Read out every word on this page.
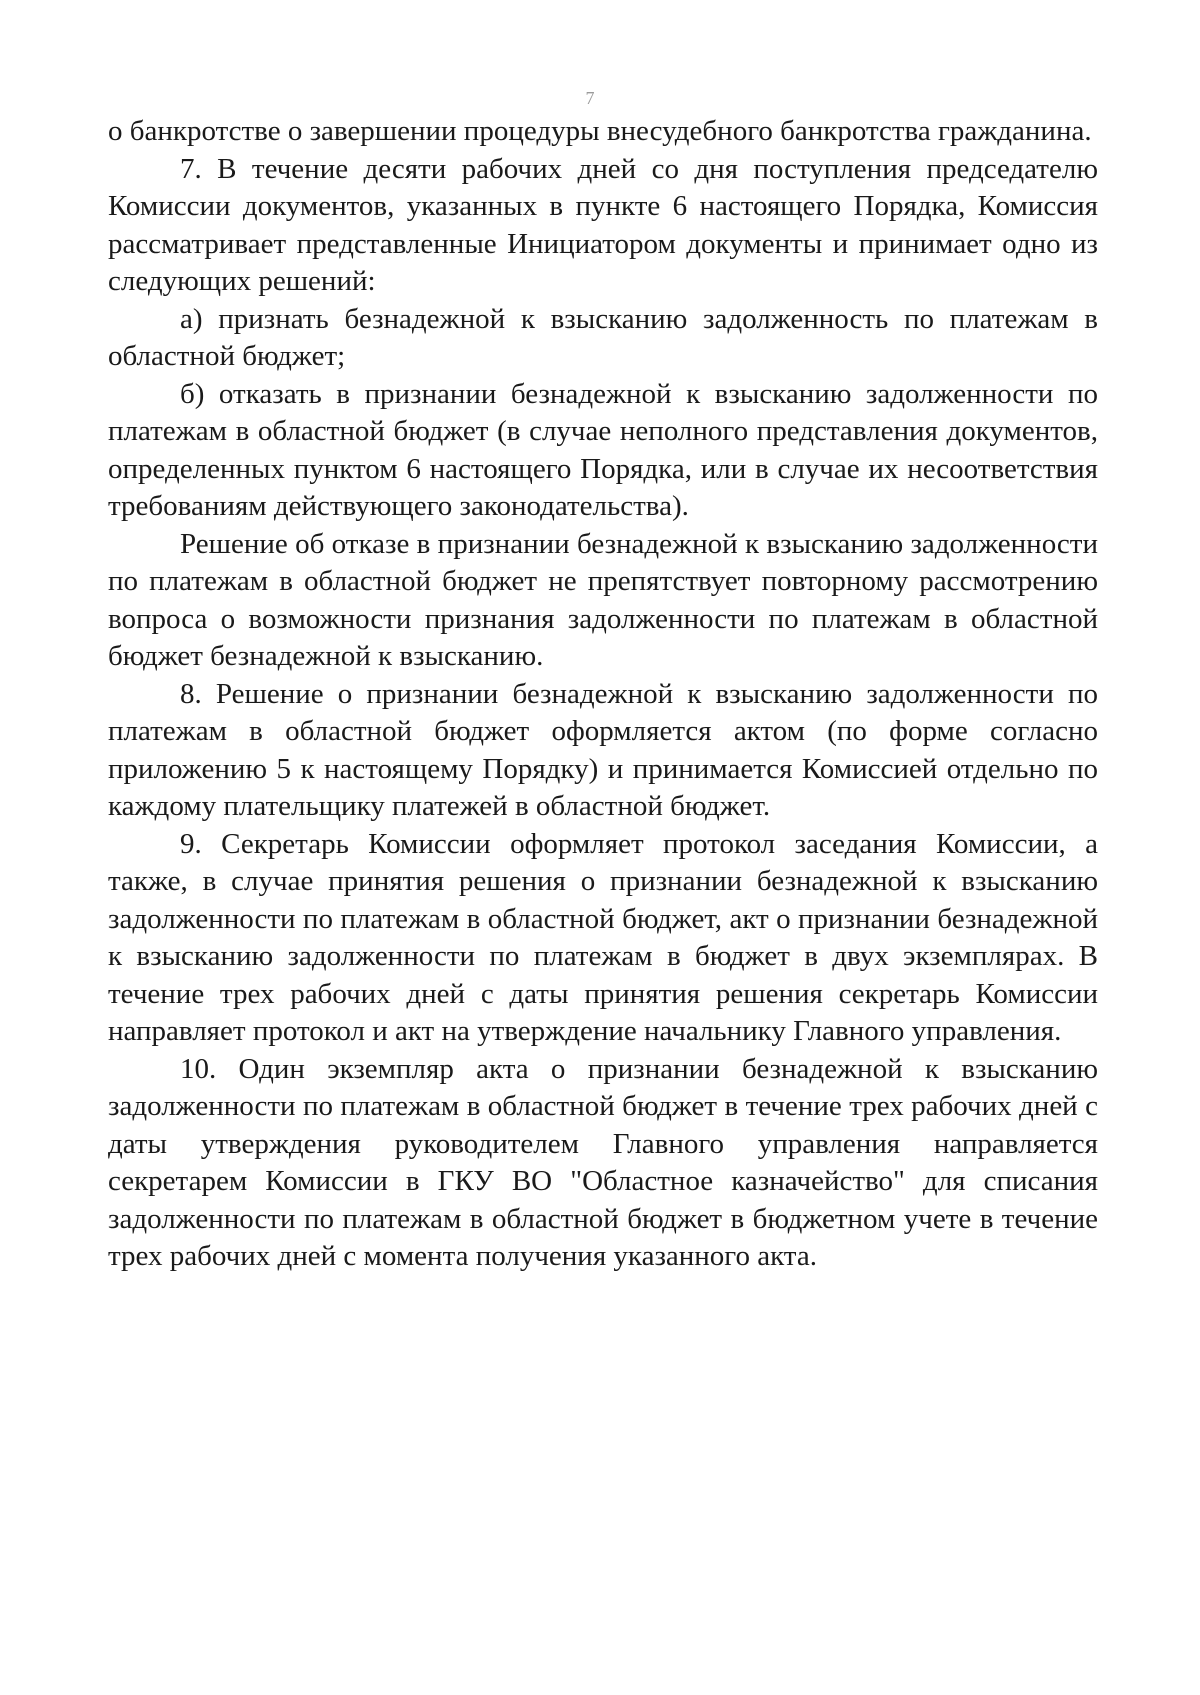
7

о банкротстве о завершении процедуры внесудебного банкротства гражданина.

7. В течение десяти рабочих дней со дня поступления председателю Комиссии документов, указанных в пункте 6 настоящего Порядка, Комиссия рассматривает представленные Инициатором документы и принимает одно из следующих решений:

а) признать безнадежной к взысканию задолженность по платежам в областной бюджет;

б) отказать в признании безнадежной к взысканию задолженности по платежам в областной бюджет (в случае неполного представления документов, определенных пунктом 6 настоящего Порядка, или в случае их несоответствия требованиям действующего законодательства).

Решение об отказе в признании безнадежной к взысканию задолженности по платежам в областной бюджет не препятствует повторному рассмотрению вопроса о возможности признания задолженности по платежам в областной бюджет безнадежной к взысканию.

8. Решение о признании безнадежной к взысканию задолженности по платежам в областной бюджет оформляется актом (по форме согласно приложению 5 к настоящему Порядку) и принимается Комиссией отдельно по каждому плательщику платежей в областной бюджет.

9. Секретарь Комиссии оформляет протокол заседания Комиссии, а также, в случае принятия решения о признании безнадежной к взысканию задолженности по платежам в областной бюджет, акт о признании безнадежной к взысканию задолженности по платежам в бюджет в двух экземплярах. В течение трех рабочих дней с даты принятия решения секретарь Комиссии направляет протокол и акт на утверждение начальнику Главного управления.

10. Один экземпляр акта о признании безнадежной к взысканию задолженности по платежам в областной бюджет в течение трех рабочих дней с даты утверждения руководителем Главного управления направляется секретарем Комиссии в ГКУ ВО "Областное казначейство" для списания задолженности по платежам в областной бюджет в бюджетном учете в течение трех рабочих дней с момента получения указанного акта.
